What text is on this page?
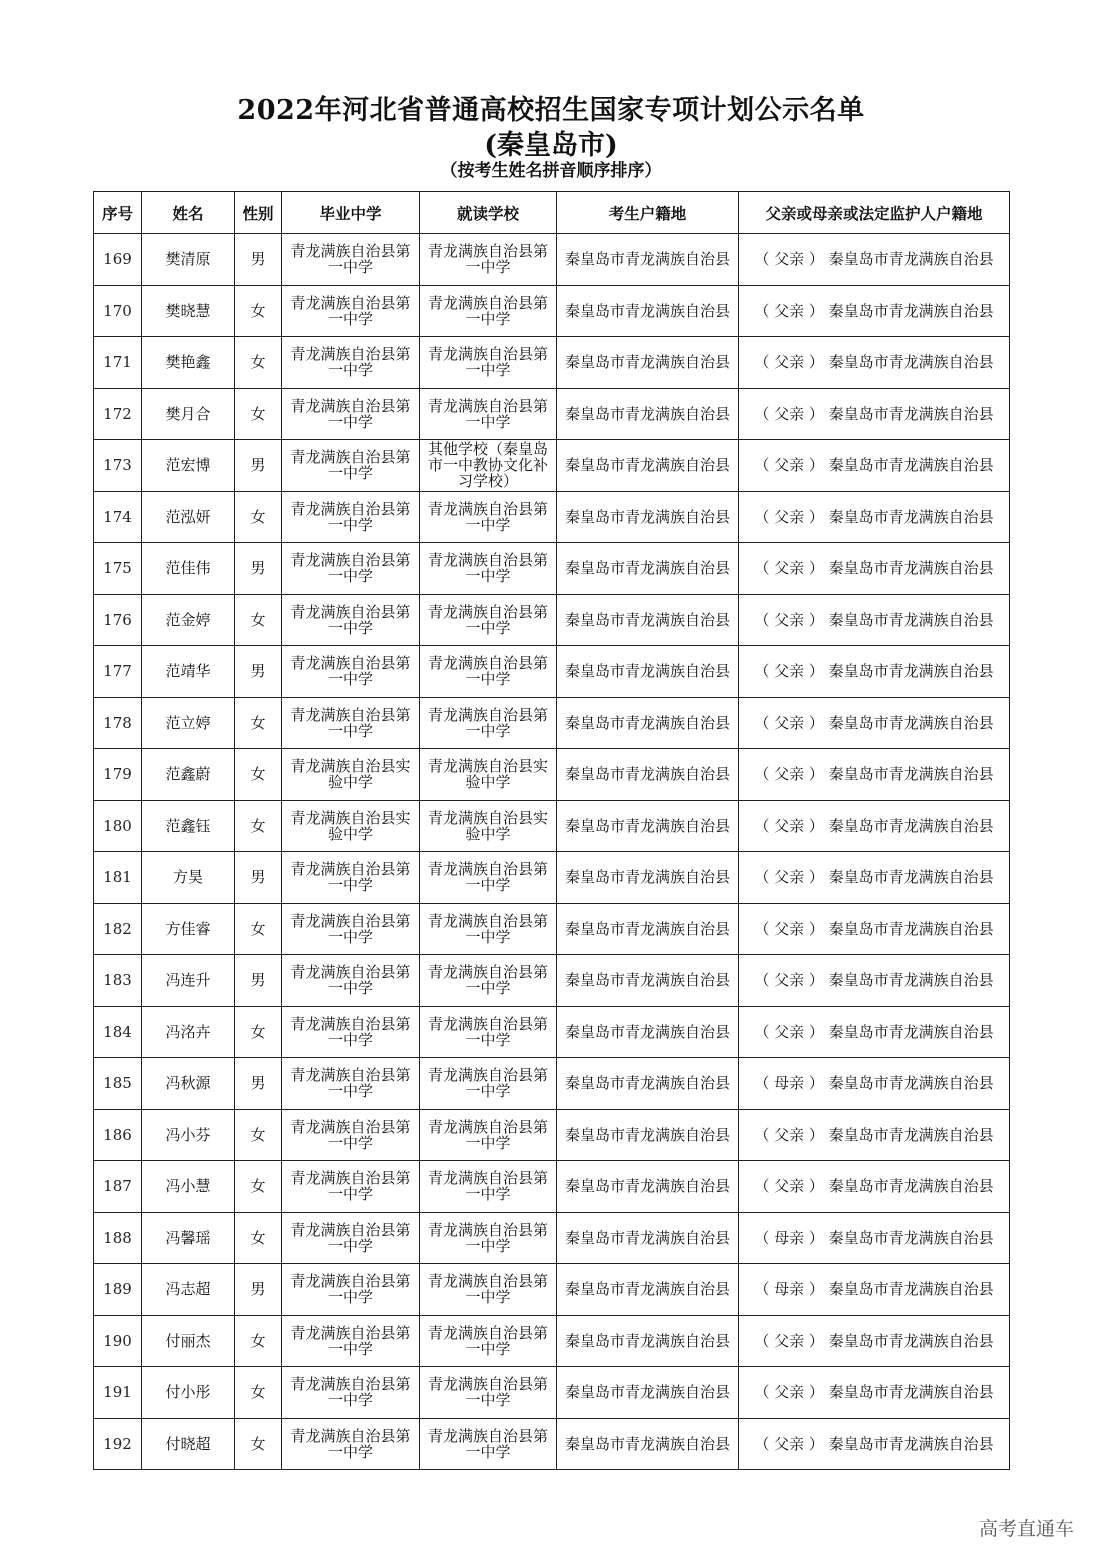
2022年河北省普通高校招生国家专项计划公示名单
(秦皇岛市)
（按考生姓名拼音顺序排序）
序号	姓名	性别	毕业中学	就读学校	考生户籍地	父亲或母亲或法定监护人户籍地
169	樊清原	男	青龙满族自治县第一中学	青龙满族自治县第一中学	秦皇岛市青龙满族自治县	（ 父亲 ） 秦皇岛市青龙满族自治县
170	樊晓慧	女	青龙满族自治县第一中学	青龙满族自治县第一中学	秦皇岛市青龙满族自治县	（ 父亲 ） 秦皇岛市青龙满族自治县
171	樊艳鑫	女	青龙满族自治县第一中学	青龙满族自治县第一中学	秦皇岛市青龙满族自治县	（ 父亲 ） 秦皇岛市青龙满族自治县
172	樊月合	女	青龙满族自治县第一中学	青龙满族自治县第一中学	秦皇岛市青龙满族自治县	（ 父亲 ） 秦皇岛市青龙满族自治县
173	范宏博	男	青龙满族自治县第一中学	其他学校（秦皇岛市一中教协文化补习学校）	秦皇岛市青龙满族自治县	（ 父亲 ） 秦皇岛市青龙满族自治县
174	范泓妍	女	青龙满族自治县第一中学	青龙满族自治县第一中学	秦皇岛市青龙满族自治县	（ 父亲 ） 秦皇岛市青龙满族自治县
175	范佳伟	男	青龙满族自治县第一中学	青龙满族自治县第一中学	秦皇岛市青龙满族自治县	（ 父亲 ） 秦皇岛市青龙满族自治县
176	范金婷	女	青龙满族自治县第一中学	青龙满族自治县第一中学	秦皇岛市青龙满族自治县	（ 父亲 ） 秦皇岛市青龙满族自治县
177	范靖华	男	青龙满族自治县第一中学	青龙满族自治县第一中学	秦皇岛市青龙满族自治县	（ 父亲 ） 秦皇岛市青龙满族自治县
178	范立婷	女	青龙满族自治县第一中学	青龙满族自治县第一中学	秦皇岛市青龙满族自治县	（ 父亲 ） 秦皇岛市青龙满族自治县
179	范鑫蔚	女	青龙满族自治县实验中学	青龙满族自治县实验中学	秦皇岛市青龙满族自治县	（ 父亲 ） 秦皇岛市青龙满族自治县
180	范鑫钰	女	青龙满族自治县实验中学	青龙满族自治县实验中学	秦皇岛市青龙满族自治县	（ 父亲 ） 秦皇岛市青龙满族自治县
181	方昊	男	青龙满族自治县第一中学	青龙满族自治县第一中学	秦皇岛市青龙满族自治县	（ 父亲 ） 秦皇岛市青龙满族自治县
182	方佳睿	女	青龙满族自治县第一中学	青龙满族自治县第一中学	秦皇岛市青龙满族自治县	（ 父亲 ） 秦皇岛市青龙满族自治县
183	冯连升	男	青龙满族自治县第一中学	青龙满族自治县第一中学	秦皇岛市青龙满族自治县	（ 父亲 ） 秦皇岛市青龙满族自治县
184	冯洺卉	女	青龙满族自治县第一中学	青龙满族自治县第一中学	秦皇岛市青龙满族自治县	（ 父亲 ） 秦皇岛市青龙满族自治县
185	冯秋源	男	青龙满族自治县第一中学	青龙满族自治县第一中学	秦皇岛市青龙满族自治县	（ 母亲 ） 秦皇岛市青龙满族自治县
186	冯小芬	女	青龙满族自治县第一中学	青龙满族自治县第一中学	秦皇岛市青龙满族自治县	（ 父亲 ） 秦皇岛市青龙满族自治县
187	冯小慧	女	青龙满族自治县第一中学	青龙满族自治县第一中学	秦皇岛市青龙满族自治县	（ 父亲 ） 秦皇岛市青龙满族自治县
188	冯馨瑶	女	青龙满族自治县第一中学	青龙满族自治县第一中学	秦皇岛市青龙满族自治县	（ 母亲 ） 秦皇岛市青龙满族自治县
189	冯志超	男	青龙满族自治县第一中学	青龙满族自治县第一中学	秦皇岛市青龙满族自治县	（ 母亲 ） 秦皇岛市青龙满族自治县
190	付丽杰	女	青龙满族自治县第一中学	青龙满族自治县第一中学	秦皇岛市青龙满族自治县	（ 父亲 ） 秦皇岛市青龙满族自治县
191	付小彤	女	青龙满族自治县第一中学	青龙满族自治县第一中学	秦皇岛市青龙满族自治县	（ 父亲 ） 秦皇岛市青龙满族自治县
192	付晓超	女	青龙满族自治县第一中学	青龙满族自治县第一中学	秦皇岛市青龙满族自治县	（ 父亲 ） 秦皇岛市青龙满族自治县
高考直通车
